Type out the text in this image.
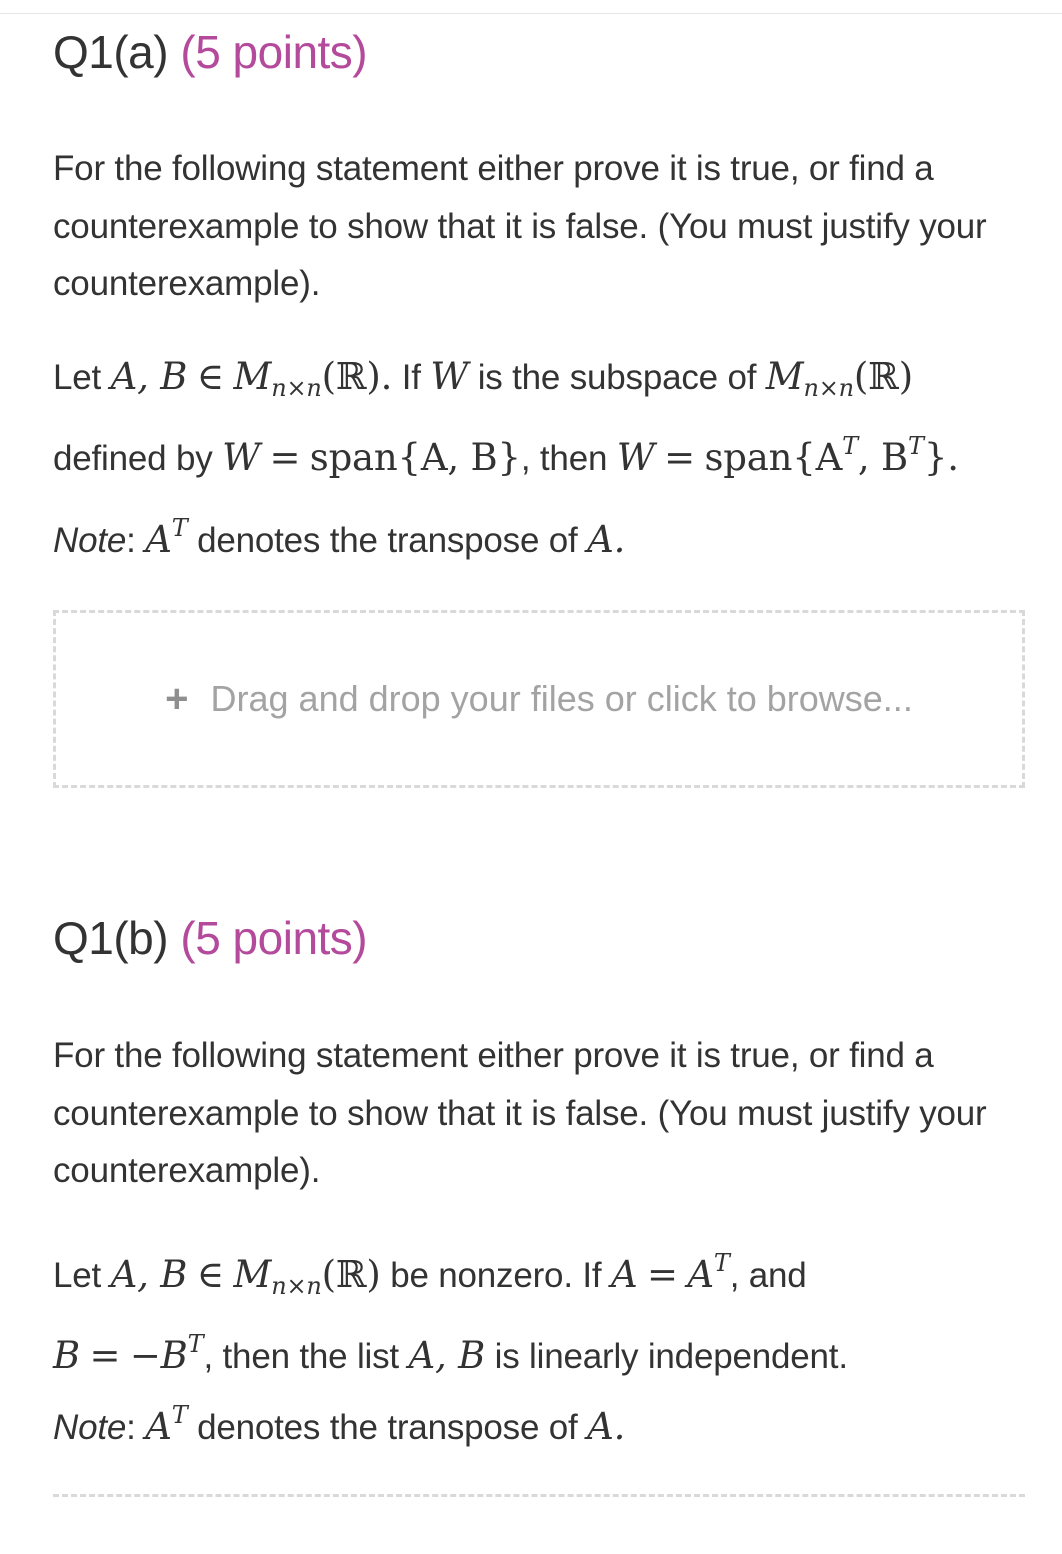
Q1(a) (5 points)

For the following statement either prove it is true, or find a counterexample to show that it is false. (You must justify your counterexample).

Let A, B ∈ $M_{n\times n}(ℝ)$. If W is the subspace of $M_{n\times n}(ℝ)$
defined by W = span{A, B}, then $W = span\{A^T$, $B^T$}.

Note: $A^T$ denotes the transpose of A.

+ Drag and drop your files or click to browse...
Q1(b) (5 points)

For the following statement either prove it is true, or find a counterexample to show that it is false. (You must justify your counterexample).

Let A, B ∈ $M_{n\times n}(ℝ)$ be nonzero. If $A = A^T$, and
$B = -B^T$, then the list A, B is linearly independent.

Note: $A^T$ denotes the transpose of A.
